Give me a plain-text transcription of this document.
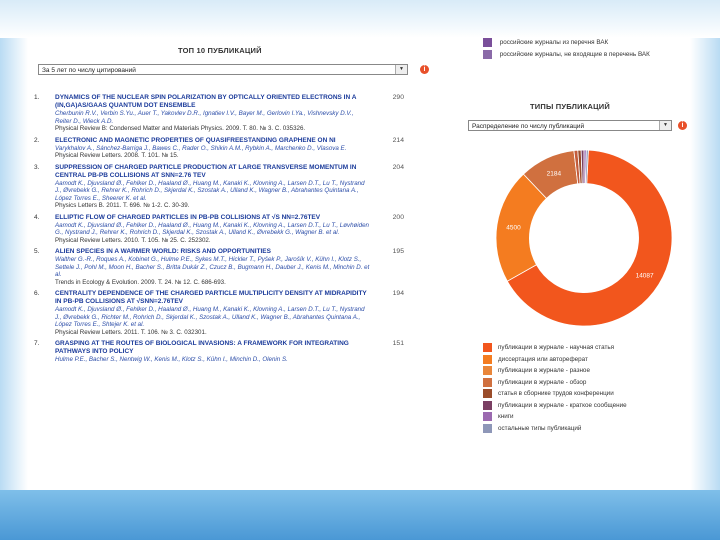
ТОП 10 ПУБЛИКАЦИЙ
За 5 лет по числу цитирований	▼	i
1. DYNAMICS OF THE NUCLEAR SPIN POLARIZATION BY OPTICALLY ORIENTED ELECTRONS IN A (IN,GA)AS/GAAS QUANTUM DOT ENSEMBLE
Cherbunin R.V., Verbin S.Yu., Auer T., Yakovlev D.R., Ignatiev I.V., Bayer M., Gerlovin I.Ya., Vishnevsky D.V., Reiter D., Wieck A.D.
Physical Review B: Condensed Matter and Materials Physics. 2009. Т. 80. № 3. С. 035326.
290
2. ELECTRONIC AND MAGNETIC PROPERTIES OF QUASIFREESTANDING GRAPHENE ON NI
Varykhalov A., Sánchez-Barriga J., Bawes C., Rader O., Shikin A.M., Rybkin A., Marchenko D., Vlasova E.
Physical Review Letters. 2008. Т. 101. № 15.
214
3. SUPPRESSION OF CHARGED PARTICLE PRODUCTION AT LARGE TRANSVERSE MOMENTUM IN CENTRAL PB-PB COLLISIONS AT SNN=2.76 TEV
Aamodt K., Djuvsland Ø., Fehlker D., Haaland Ø., Huang M., Kanaki K., Klovning A., Larsen D.T., Lu T., Nystrand J., Øvrebekk G., Rehrer K., Rohrich D., Skjerdal K., Szostak A., Ulland K., Wagner B., Abrahantes Quintana A., López Torres E., Sheerer K. et al.
Physics Letters B. 2011. Т. 696. № 1-2. С. 30-39.
204
4. ELLIPTIC FLOW OF CHARGED PARTICLES IN PB-PB COLLISIONS AT √S NN=2.76TEV
Aamodt K., Djuvsland Ø., Fehlker D., Haaland Ø., Huang M., Kanaki K., Klovning A., Larsen D.T., Lu T., Løvhøiden G., Nystrand J., Rehrer K., Rohrich D., Skjerdal K., Szostak A., Ulland K., Øvrebekk G., Wagner B. et al.
Physical Review Letters. 2010. Т. 105. № 25. С. 252302.
200
5. ALIEN SPECIES IN A WARMER WORLD: RISKS AND OPPORTUNITIES
Walther G.-R., Roques A., Kobinet G., Hulme P.E., Sykes M.T., Hickler T., Pyšek P., Jarošík V., Kühn I., Klotz S., Settele J., Pohl M., Moon H., Bacher S., Britta Dukár Z., Czucz B., Bugmann H., Dauber J., Kenis M., Minchin D. et al.
Trends in Ecology & Evolution. 2009. Т. 24. № 12. С. 686-693.
195
6. CENTRALITY DEPENDENCE OF THE CHARGED PARTICLE MULTIPLICITY DENSITY AT MIDRAPIDITY IN PB-PB COLLISIONS AT √SNN=2.76TEV
Aamodt K., Djuvsland Ø., Fehlker D., Haaland Ø., Huang M., Kanaki K., Klovning A., Larsen D.T., Lu T., Nystrand J., Øvrebekk G., Richter M., Rohrich D., Skjerdal K., Szostak A., Ulland K., Wagner B., Abrahantes Quintana A., López Torres E., Shtejer K. et al.
Physical Review Letters. 2011. Т. 106. № 3. С. 032301.
194
7. GRASPING AT THE ROUTES OF BIOLOGICAL INVASIONS: A FRAMEWORK FOR INTEGRATING PATHWAYS INTO POLICY
Hulme P.E., Bacher S., Nentwig W., Kenis M., Klotz S., Kühn I., Minchin D., Olenin S.
151
российские журналы из перечня ВАК
российские журналы, не входящие в перечень ВАК
ТИПЫ ПУБЛИКАЦИЙ
Распределение по числу публикаций	▼	i
14087
4500
2184
публикации в журнале - научная статья
диссертация или автореферат
публикации в журнале - разное
публикации в журнале - обзор
статья в сборнике трудов конференции
публикации в журнале - краткое сообщение
книги
остальные типы публикаций
